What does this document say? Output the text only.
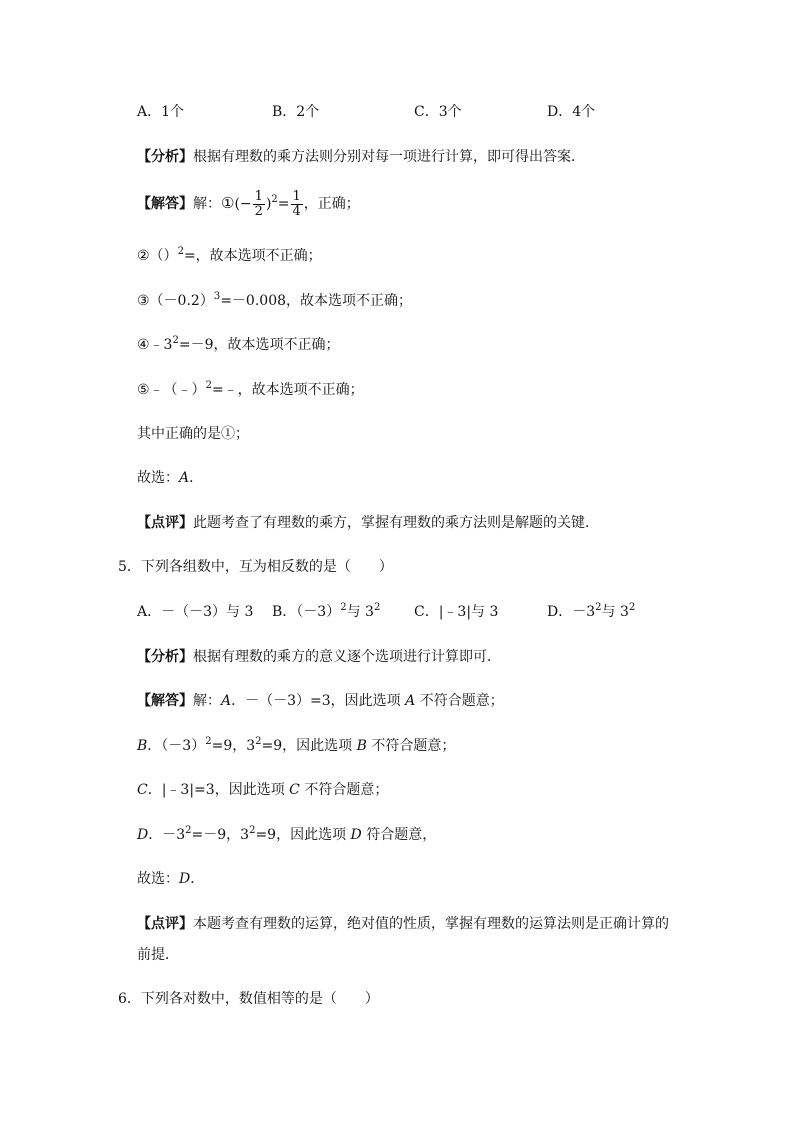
A．1个	B．2个	C．3个	D．4个
【分析】根据有理数的乘方法则分别对每一项进行计算，即可得出答案．
【解答】解：①(− $\frac{1}{2} )^2= \frac{1}{4}$ ，正确；
②（）$^2$=，故本选项不正确；
$③(-0.2)^3=-0.008$，故本选项不正确；
$④﹣3^2=-9$，故本选项不正确；
⑤﹣（﹣）$^2$=﹣，故本选项不正确；
其中正确的是①；
故选：A．
【点评】此题考查了有理数的乘方，掌握有理数的乘方法则是解题的关键．
5．下列各组数中，互为相反数的是（　　）
A．－（－3）与 3 B．$(-3)^2$与 $3^2$ C．|﹣3|与 3	D．$-3^2$与 $3^2$
【分析】根据有理数的乘方的意义逐个选项进行计算即可．
【解答】解：A．－（－3）=3，因此选项 A 不符合题意；
B．$(-3)^2=9$，$3^2=9$，因此选项 B 不符合题意；
C．|﹣3|=3，因此选项 C 不符合题意；
D．$-3^2=-9$，$3^2=9$，因此选项 D 符合题意，
故选：D．
【点评】本题考查有理数的运算，绝对值的性质，掌握有理数的运算法则是正确计算的
前提．
6．下列各对数中，数值相等的是（　　）
